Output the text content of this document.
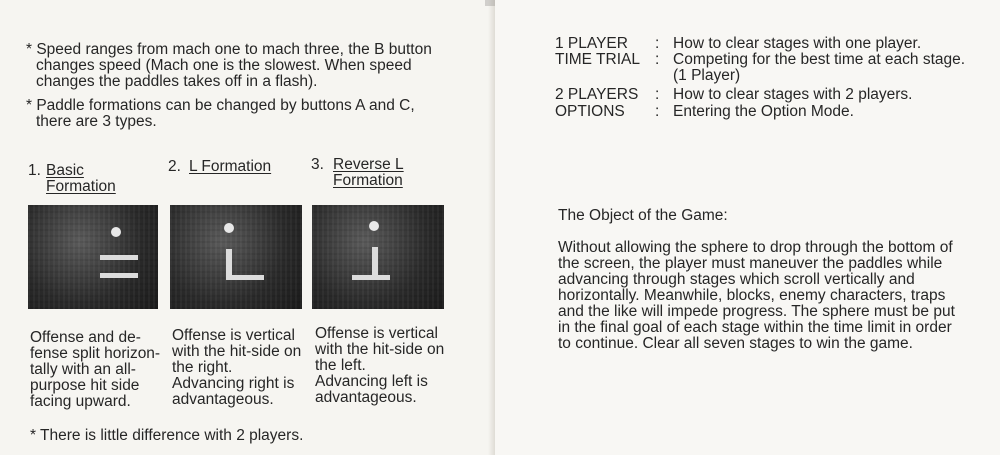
* Speed ranges from mach one to mach three, the B button

changes speed (Mach one is the slowest. When speed

changes the paddles takes off in a flash).

* Paddle formations can be changed by buttons A and C,

there are 3 types.

1. Basic

Formation

2. L Formation	3. Reverse L

Formation

Offense and de-

fense split horizon-

tally with an all-

purpose hit side

facing upward.

Offense is vertical

with the hit-side on

the right.

Advancing right is

advantageous.

Offense is vertical

with the hit-side on

the left.

Advancing left is

advantageous.

* There is little difference with 2 players.

1 PLAYER : How to clear stages with one player.

TIME TRIAL : Competing for the best time at each stage.

(1 Player)

2 PLAYERS : How to clear stages with 2 players.

OPTIONS : Entering the Option Mode.

The Object of the Game:

Without allowing the sphere to drop through the bottom of

the screen, the player must maneuver the paddles while

advancing through stages which scroll vertically and

horizontally. Meanwhile, blocks, enemy characters, traps

and the like will impede progress. The sphere must be put

in the final goal of each stage within the time limit in order

to continue. Clear all seven stages to win the game.
